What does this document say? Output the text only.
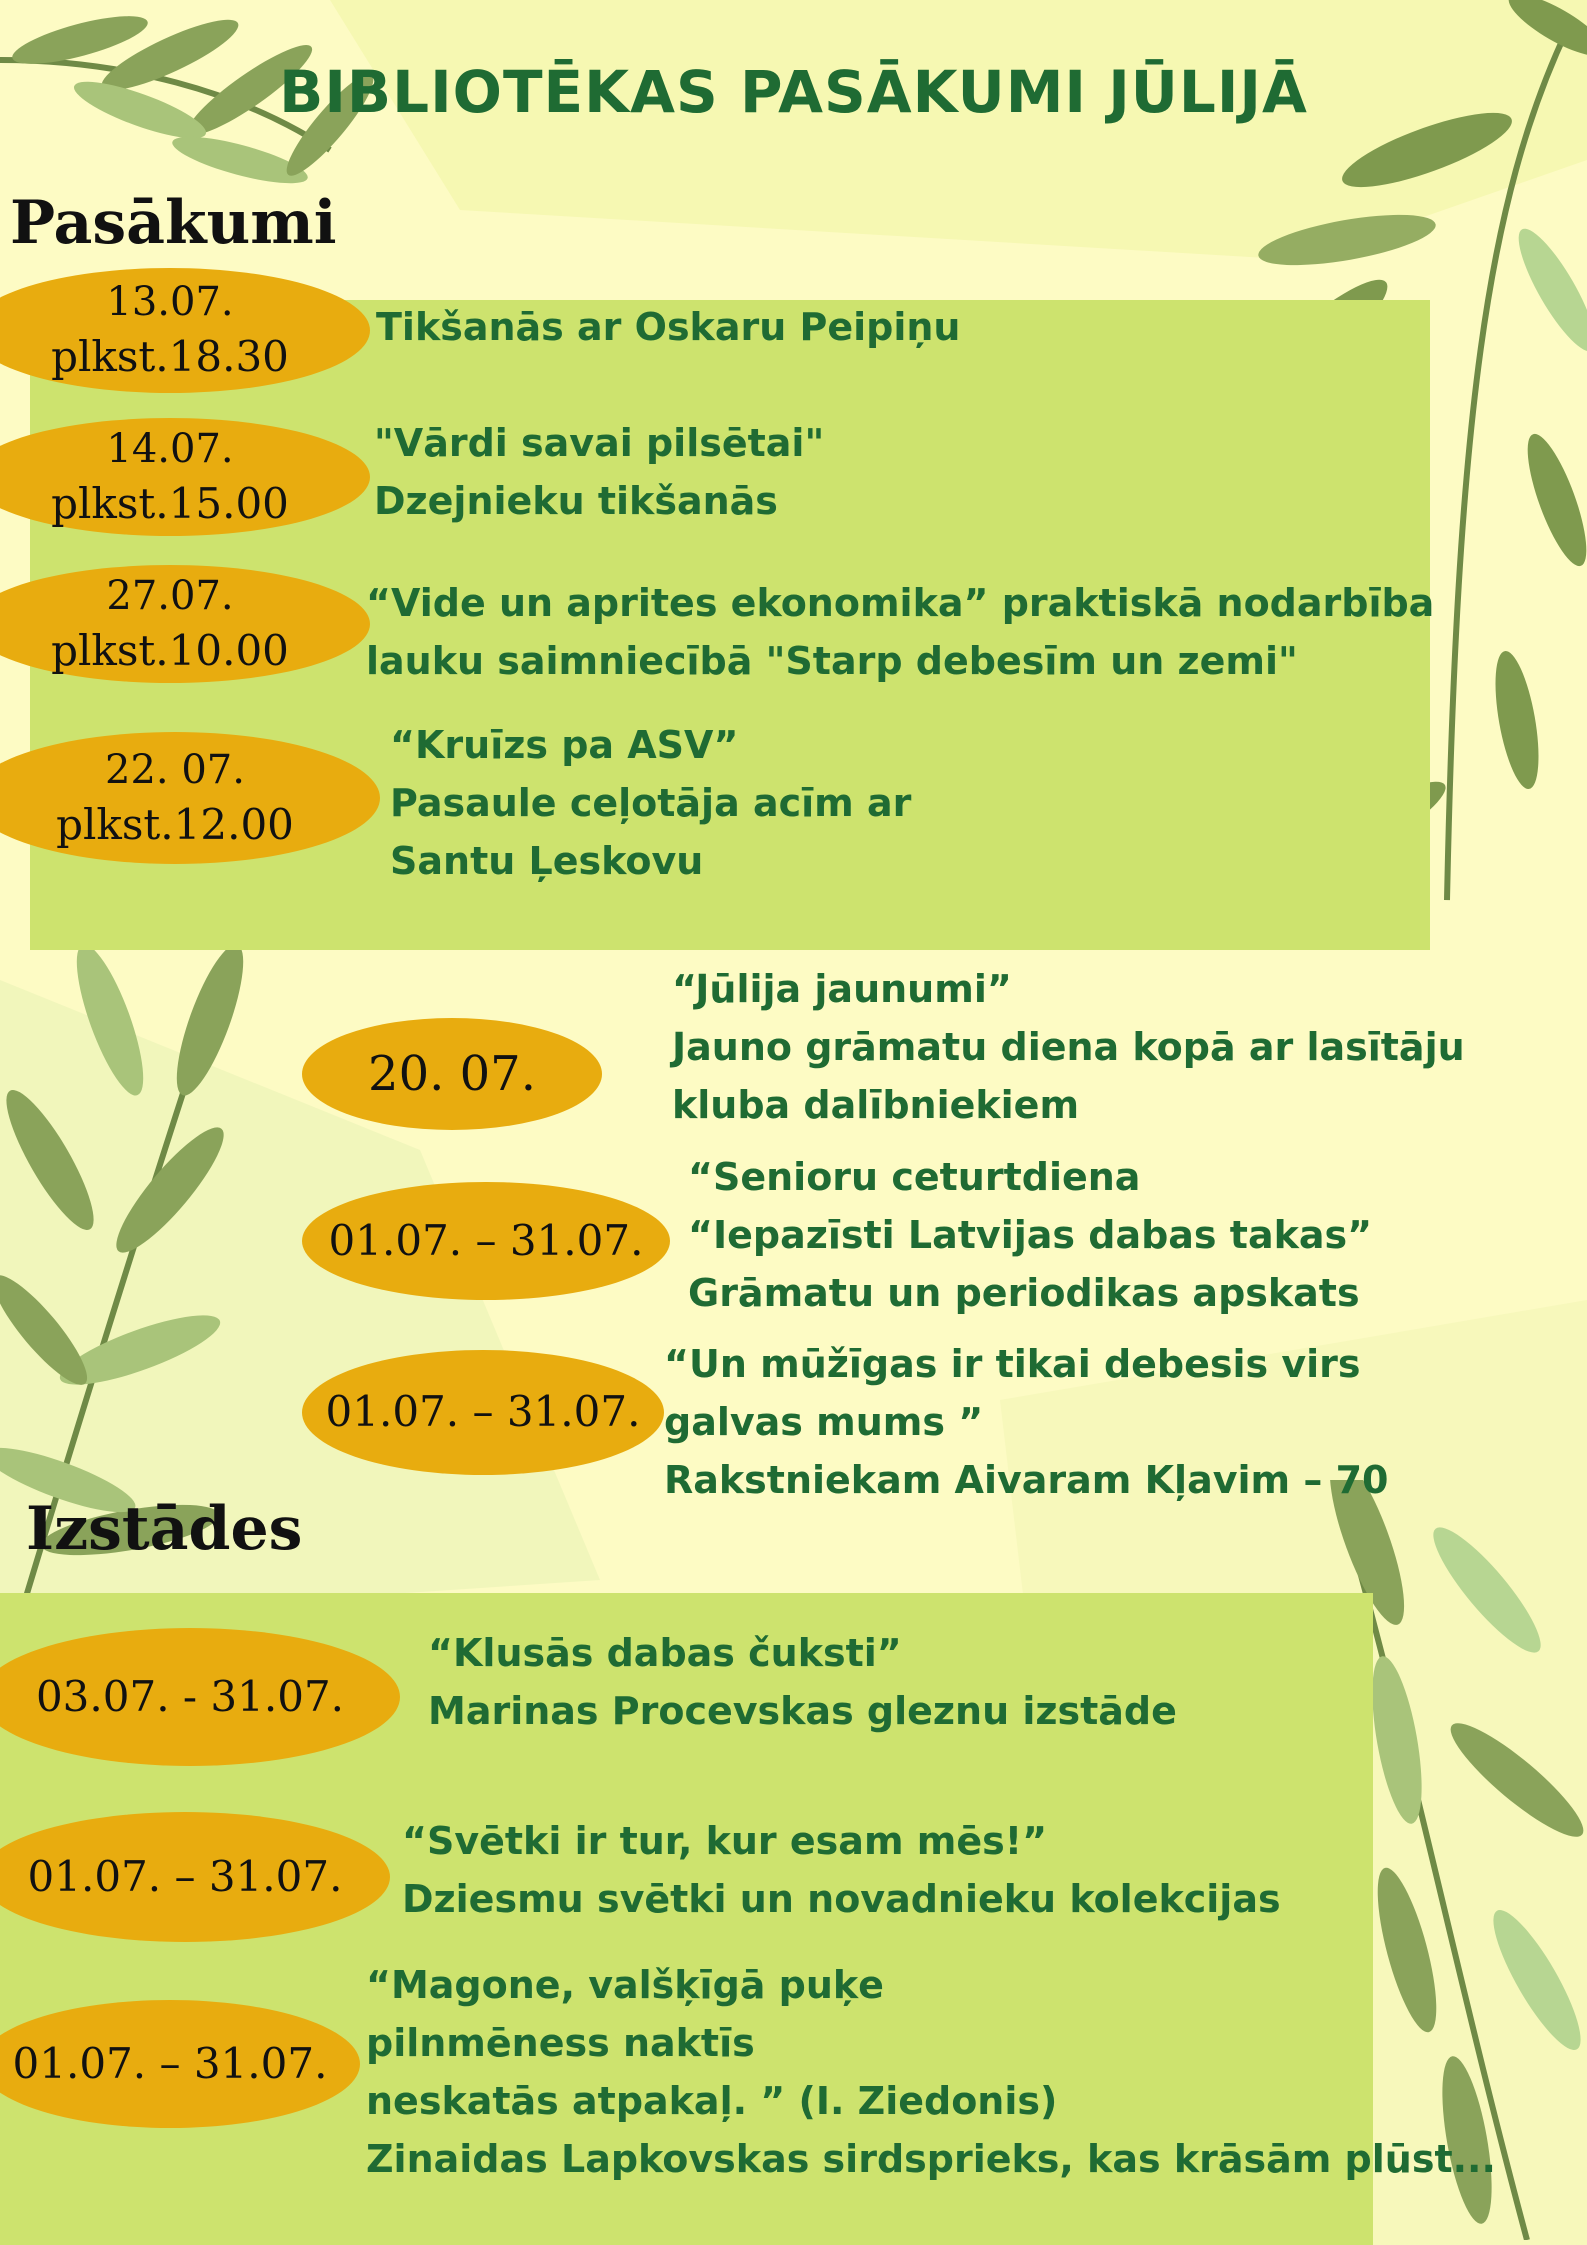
BIBLIOTĒKAS PASĀKUMI JŪLIJĀ
Pasākumi
Izstādes
13.07.
plkst.18.30
Tikšanās ar Oskaru Peipiņu
14.07.
plkst.15.00
"Vārdi savai pilsētai"
Dzejnieku tikšanās
27.07.
plkst.10.00
“Vide un aprites ekonomika” praktiskā nodarbība
lauku saimniecībā "Starp debesīm un zemi"
22. 07.
plkst.12.00
“Kruīzs pa ASV”
Pasaule ceļotāja acīm ar
Santu Ļeskovu
20. 07.
“Jūlija jaunumi”
Jauno grāmatu diena kopā ar lasītāju
kluba dalībniekiem
01.07. – 31.07.
“Senioru ceturtdiena
“Iepazīsti Latvijas dabas takas”
Grāmatu un periodikas apskats
01.07. – 31.07.
“Un mūžīgas ir tikai debesis virs
galvas mums ”
Rakstniekam Aivaram Kļavim – 70
03.07. - 31.07.
“Klusās dabas čuksti”
Marinas Procevskas gleznu izstāde
01.07. – 31.07.
“Svētki ir tur, kur esam mēs!”
Dziesmu svētki un novadnieku kolekcijas
01.07. – 31.07.
“Magone, valšķīgā puķe
pilnmēness naktīs
neskatās atpakaļ. ” (I. Ziedonis)
Zinaidas Lapkovskas sirdsprieks, kas krāsām plūst...
